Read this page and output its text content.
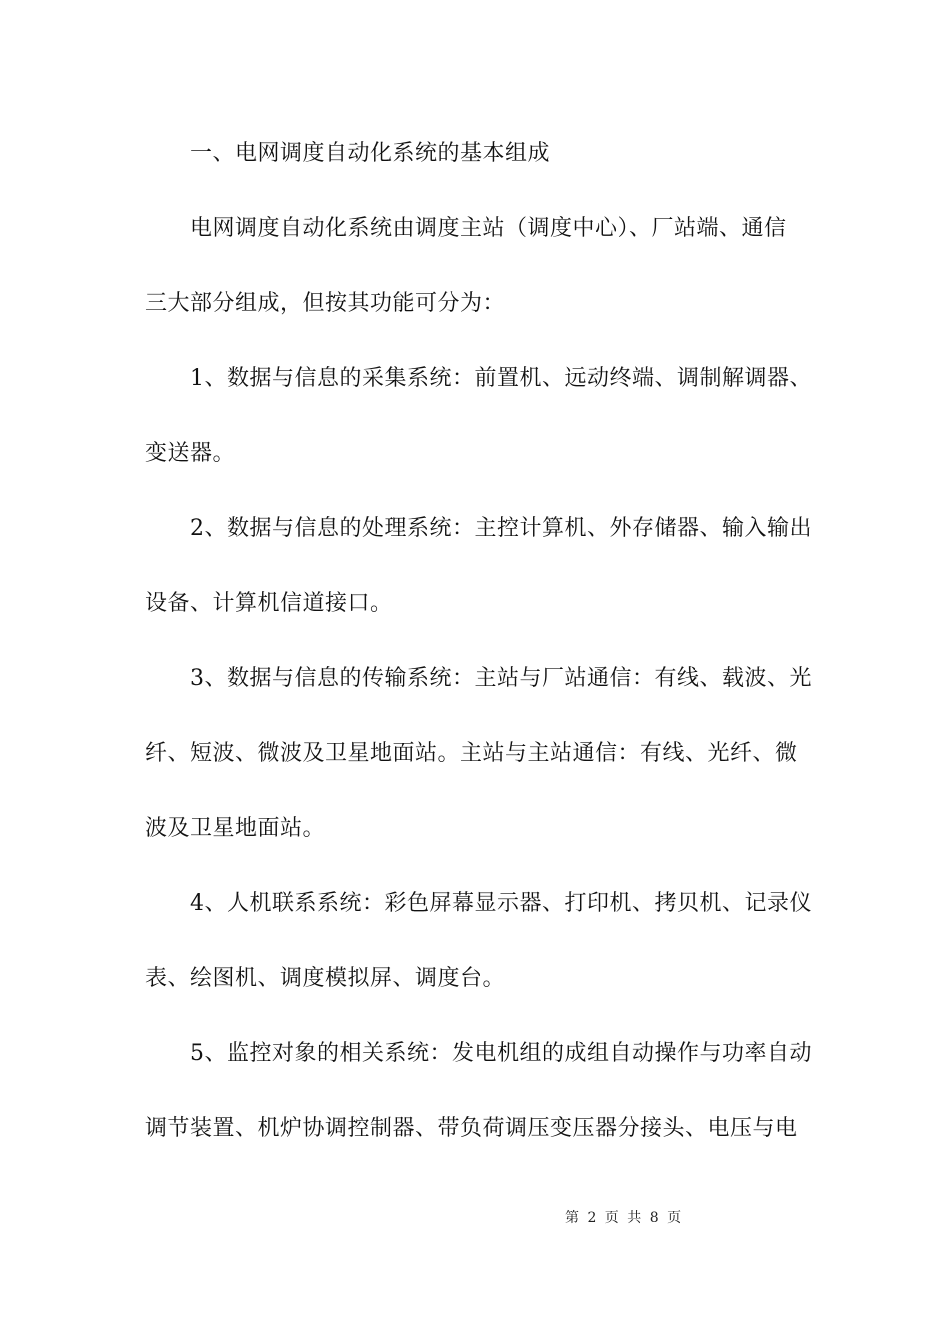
一、电网调度自动化系统的基本组成
电网调度自动化系统由调度主站（调度中心）、厂站端、通信
三大部分组成，但按其功能可分为：
1、数据与信息的采集系统：前置机、远动终端、调制解调器、
变送器。
2、数据与信息的处理系统：主控计算机、外存储器、输入输出
设备、计算机信道接口。
3、数据与信息的传输系统：主站与厂站通信：有线、载波、光
纤、短波、微波及卫星地面站。主站与主站通信：有线、光纤、微
波及卫星地面站。
4、人机联系系统：彩色屏幕显示器、打印机、拷贝机、记录仪
表、绘图机、调度模拟屏、调度台。
5、监控对象的相关系统：发电机组的成组自动操作与功率自动
调节装置、机炉协调控制器、带负荷调压变压器分接头、电压与电
第 2 页 共 8 页
